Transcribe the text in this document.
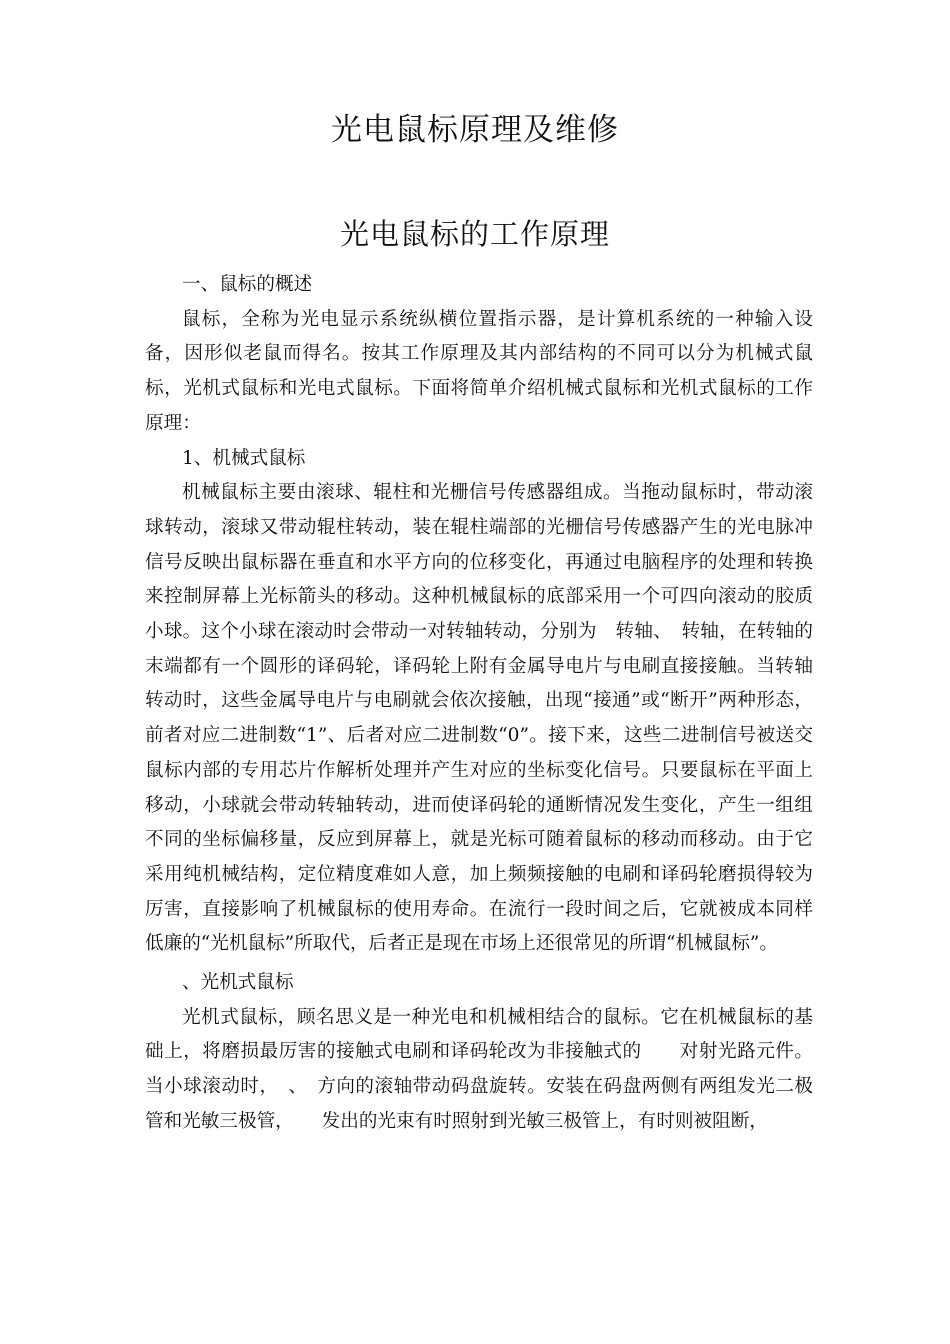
光电鼠标原理及维修
光电鼠标的工作原理

一、鼠标的概述

鼠标，全称为光电显示系统纵横位置指示器，是计算机系统的一种输入设备，因形似老鼠而得名。按其工作原理及其内部结构的不同可以分为机械式鼠标，光机式鼠标和光电式鼠标。下面将简单介绍机械式鼠标和光机式鼠标的工作原理：

1、机械式鼠标

机械鼠标主要由滚球、辊柱和光栅信号传感器组成。当拖动鼠标时，带动滚球转动，滚球又带动辊柱转动，装在辊柱端部的光栅信号传感器产生的光电脉冲信号反映出鼠标器在垂直和水平方向的位移变化，再通过电脑程序的处理和转换来控制屏幕上光标箭头的移动。这种机械鼠标的底部采用一个可四向滚动的胶质小球。这个小球在滚动时会带动一对转轴转动，分别为　转轴、　转轴，在转轴的末端都有一个圆形的译码轮，译码轮上附有金属导电片与电刷直接接触。当转轴转动时，这些金属导电片与电刷就会依次接触，出现“接通”或“断开”两种形态，前者对应二进制数“1”、后者对应二进制数“0”。接下来，这些二进制信号被送交鼠标内部的专用芯片作解析处理并产生对应的坐标变化信号。只要鼠标在平面上移动，小球就会带动转轴转动，进而使译码轮的通断情况发生变化，产生一组组不同的坐标偏移量，反应到屏幕上，就是光标可随着鼠标的移动而移动。由于它采用纯机械结构，定位精度难如人意，加上频频接触的电刷和译码轮磨损得较为厉害，直接影响了机械鼠标的使用寿命。在流行一段时间之后，它就被成本同样低廉的“光机鼠标”所取代，后者正是现在市场上还很常见的所谓“机械鼠标”。

、光机式鼠标

光机式鼠标，顾名思义是一种光电和机械相结合的鼠标。它在机械鼠标的基础上，将磨损最厉害的接触式电刷和译码轮改为非接触式的　　对射光路元件。当小球滚动时，　、　方向的滚轴带动码盘旋转。安装在码盘两侧有两组发光二极管和光敏三极管，　　发出的光束有时照射到光敏三极管上，有时则被阻断，
